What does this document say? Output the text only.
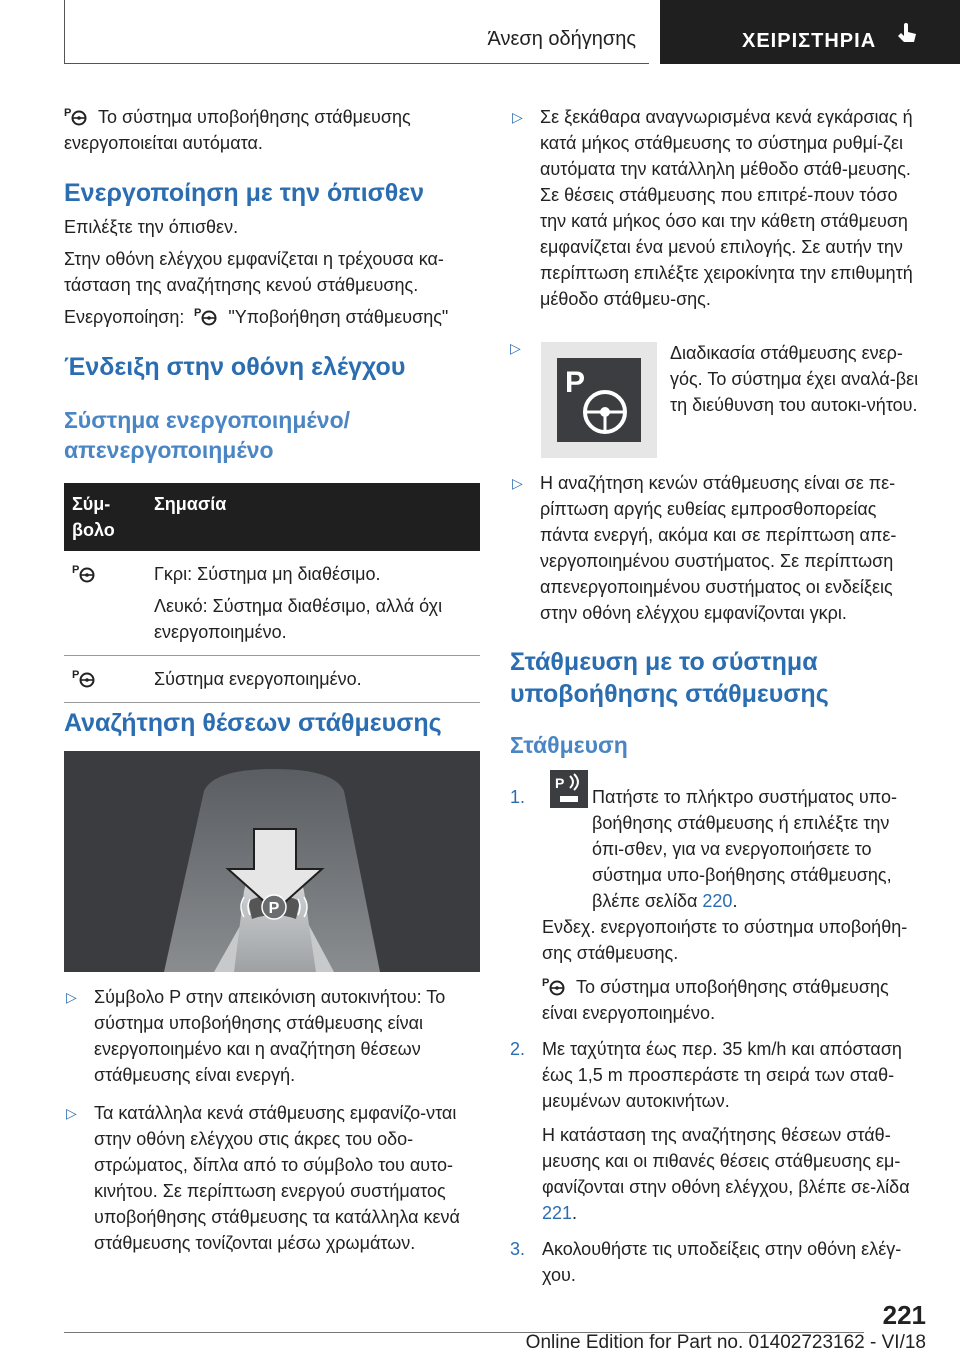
Άνεση οδήγησης	ΧΕΙΡΙΣΤΗΡΙΑ

Το σύστημα υποβοήθησης στάθμευσης ενεργοποιείται αυτόματα.

Ενεργοποίηση με την όπισθεν

Επιλέξτε την όπισθεν.

Στην οθόνη ελέγχου εμφανίζεται η τρέχουσα κα-τάσταση της αναζήτησης κενού στάθμευσης.

Ενεργοποίηση: "Υποβοήθηση στάθμευσης"

Ένδειξη στην οθόνη ελέγχου
Σύστημα ενεργοποιημένο/ απενεργοποιημένο
Σύμ-βολο	Σημασία

Γκρι: Σύστημα μη διαθέσιμο.
Λευκό: Σύστημα διαθέσιμο, αλλά όχι ενεργοποιημένο.

	Σύστημα ενεργοποιημένο.
Αναζήτηση θέσεων στάθμευσης
P
▷ Σύμβολο P στην απεικόνιση αυτοκινήτου: Το σύστημα υποβοήθησης στάθμευσης είναι ενεργοποιημένο και η αναζήτηση θέσεων στάθμευσης είναι ενεργή.
▷ Τα κατάλληλα κενά στάθμευσης εμφανίζο-νται στην οθόνη ελέγχου στις άκρες του οδο-στρώματος, δίπλα από το σύμβολο του αυτο-κινήτου. Σε περίπτωση ενεργού συστήματος υποβοήθησης στάθμευσης τα κατάλληλα κενά στάθμευσης τονίζονται μέσω χρωμάτων.
▷ Σε ξεκάθαρα αναγνωρισμένα κενά εγκάρσιας ή κατά μήκος στάθμευσης το σύστημα ρυθμί-ζει αυτόματα την κατάλληλη μέθοδο στάθ-μευσης. Σε θέσεις στάθμευσης που επιτρέ-πουν τόσο την κατά μήκος όσο και την κάθετη στάθμευση εμφανίζεται ένα μενού επιλογής. Σε αυτήν την περίπτωση επιλέξτε χειροκίνητα την επιθυμητή μέθοδο στάθμευ-σης.
▷
P

Διαδικασία στάθμευσης ενερ-γός. Το σύστημα έχει αναλά-βει τη διεύθυνση του αυτοκι-νήτου.

▷ Η αναζήτηση κενών στάθμευσης είναι σε πε-ρίπτωση αργής ευθείας εμπροσθοπορείας πάντα ενεργή, ακόμα και σε περίπτωση απε-νεργοποιημένου συστήματος. Σε περίπτωση απενεργοποιημένου συστήματος οι ενδείξεις στην οθόνη ελέγχου εμφανίζονται γκρι.
Στάθμευση με το σύστημα υποβοήθησης στάθμευσης
Στάθμευση
1.
P
Πατήστε το πλήκτρο συστήματος υπο-βοήθησης στάθμευσης ή επιλέξτε την όπι-σθεν, για να ενεργοποιήσετε το σύστημα υπο-βοήθησης στάθμευσης, βλέπε σελίδα 220.
Ενδεχ. ενεργοποιήστε το σύστημα υποβοήθη-σης στάθμευσης.
Το σύστημα υποβοήθησης στάθμευσης είναι ενεργοποιημένο.
2. Με ταχύτητα έως περ. 35 km/h και απόσταση έως 1,5 m προσπεράστε τη σειρά των σταθ-μευμένων αυτοκινήτων.
Η κατάσταση της αναζήτησης θέσεων στάθ-μευσης και οι πιθανές θέσεις στάθμευσης εμ-φανίζονται στην οθόνη ελέγχου, βλέπε σε-λίδα 221.
3. Ακολουθήστε τις υποδείξεις στην οθόνη ελέγ-χου.
221
Online Edition for Part no. 01402723162 - VI/18
